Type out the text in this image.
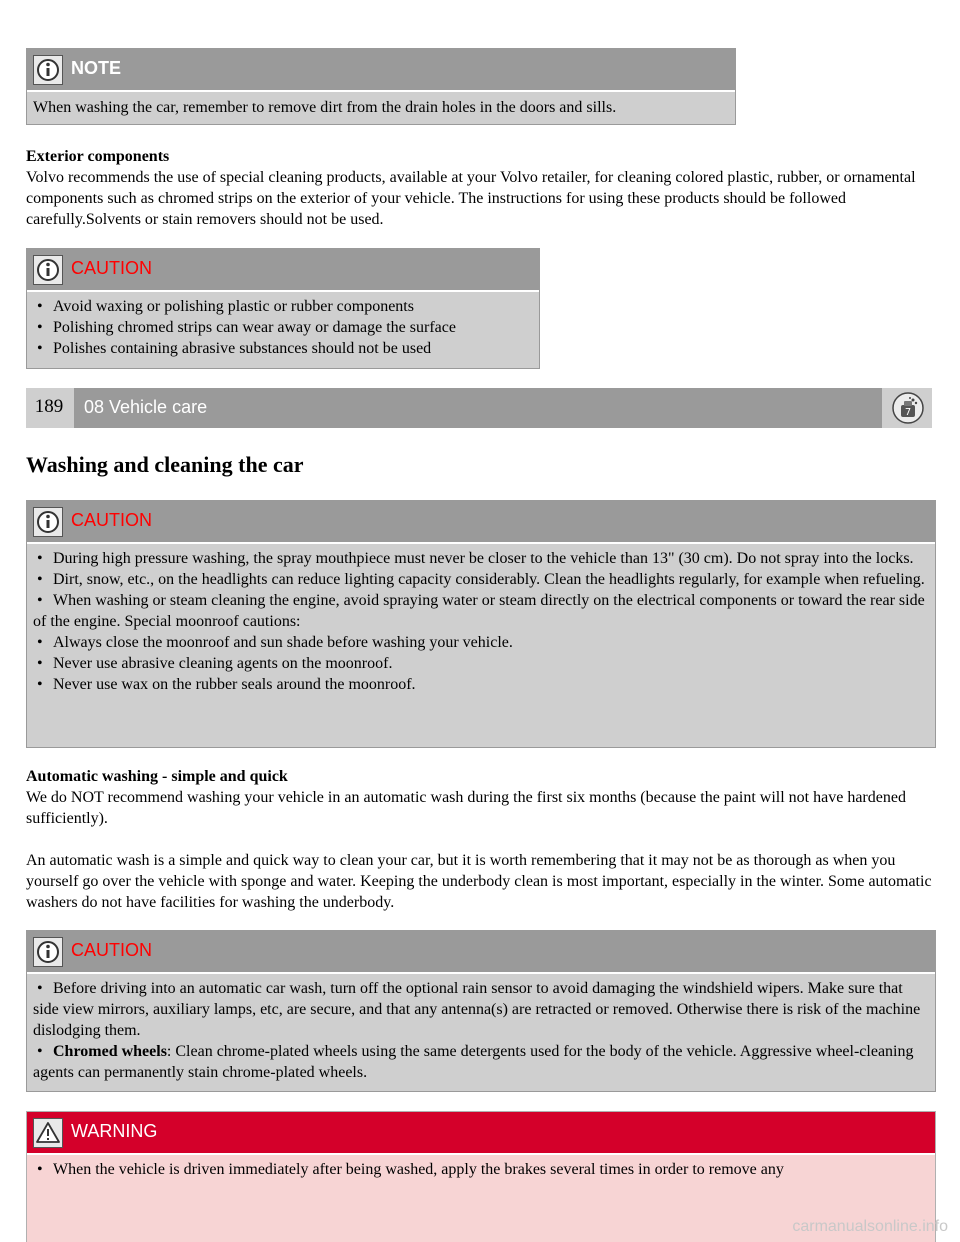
NOTE
When washing the car, remember to remove dirt from the drain holes in the doors and sills.
Exterior components
Volvo recommends the use of special cleaning products, available at your Volvo retailer, for cleaning colored plastic, rubber, or ornamental components such as chromed strips on the exterior of your vehicle. The instructions for using these products should be followed carefully.Solvents or stain removers should not be used.
CAUTION
• Avoid waxing or polishing plastic or rubber components
• Polishing chromed strips can wear away or damage the surface
• Polishes containing abrasive substances should not be used
189	08 Vehicle care	7
Washing and cleaning the car
CAUTION
• During high pressure washing, the spray mouthpiece must never be closer to the vehicle than 13" (30 cm). Do not spray into the locks.
• Dirt, snow, etc., on the headlights can reduce lighting capacity considerably. Clean the headlights regularly, for example when refueling.
• When washing or steam cleaning the engine, avoid spraying water or steam directly on the electrical components or toward the rear side of the engine. Special moonroof cautions:
• Always close the moonroof and sun shade before washing your vehicle.
• Never use abrasive cleaning agents on the moonroof.
• Never use wax on the rubber seals around the moonroof.
Automatic washing - simple and quick
We do NOT recommend washing your vehicle in an automatic wash during the first six months (because the paint will not have hardened sufficiently).
An automatic wash is a simple and quick way to clean your car, but it is worth remembering that it may not be as thorough as when you yourself go over the vehicle with sponge and water. Keeping the underbody clean is most important, especially in the winter. Some automatic washers do not have facilities for washing the underbody.
CAUTION
• Before driving into an automatic car wash, turn off the optional rain sensor to avoid damaging the windshield wipers. Make sure that side view mirrors, auxiliary lamps, etc, are secure, and that any antenna(s) are retracted or removed. Otherwise there is risk of the machine dislodging them.
• Chromed wheels: Clean chrome-plated wheels using the same detergents used for the body of the vehicle. Aggressive wheel-cleaning agents can permanently stain chrome-plated wheels.
WARNING
• When the vehicle is driven immediately after being washed, apply the brakes several times in order to remove any
carmanualsonline.info
